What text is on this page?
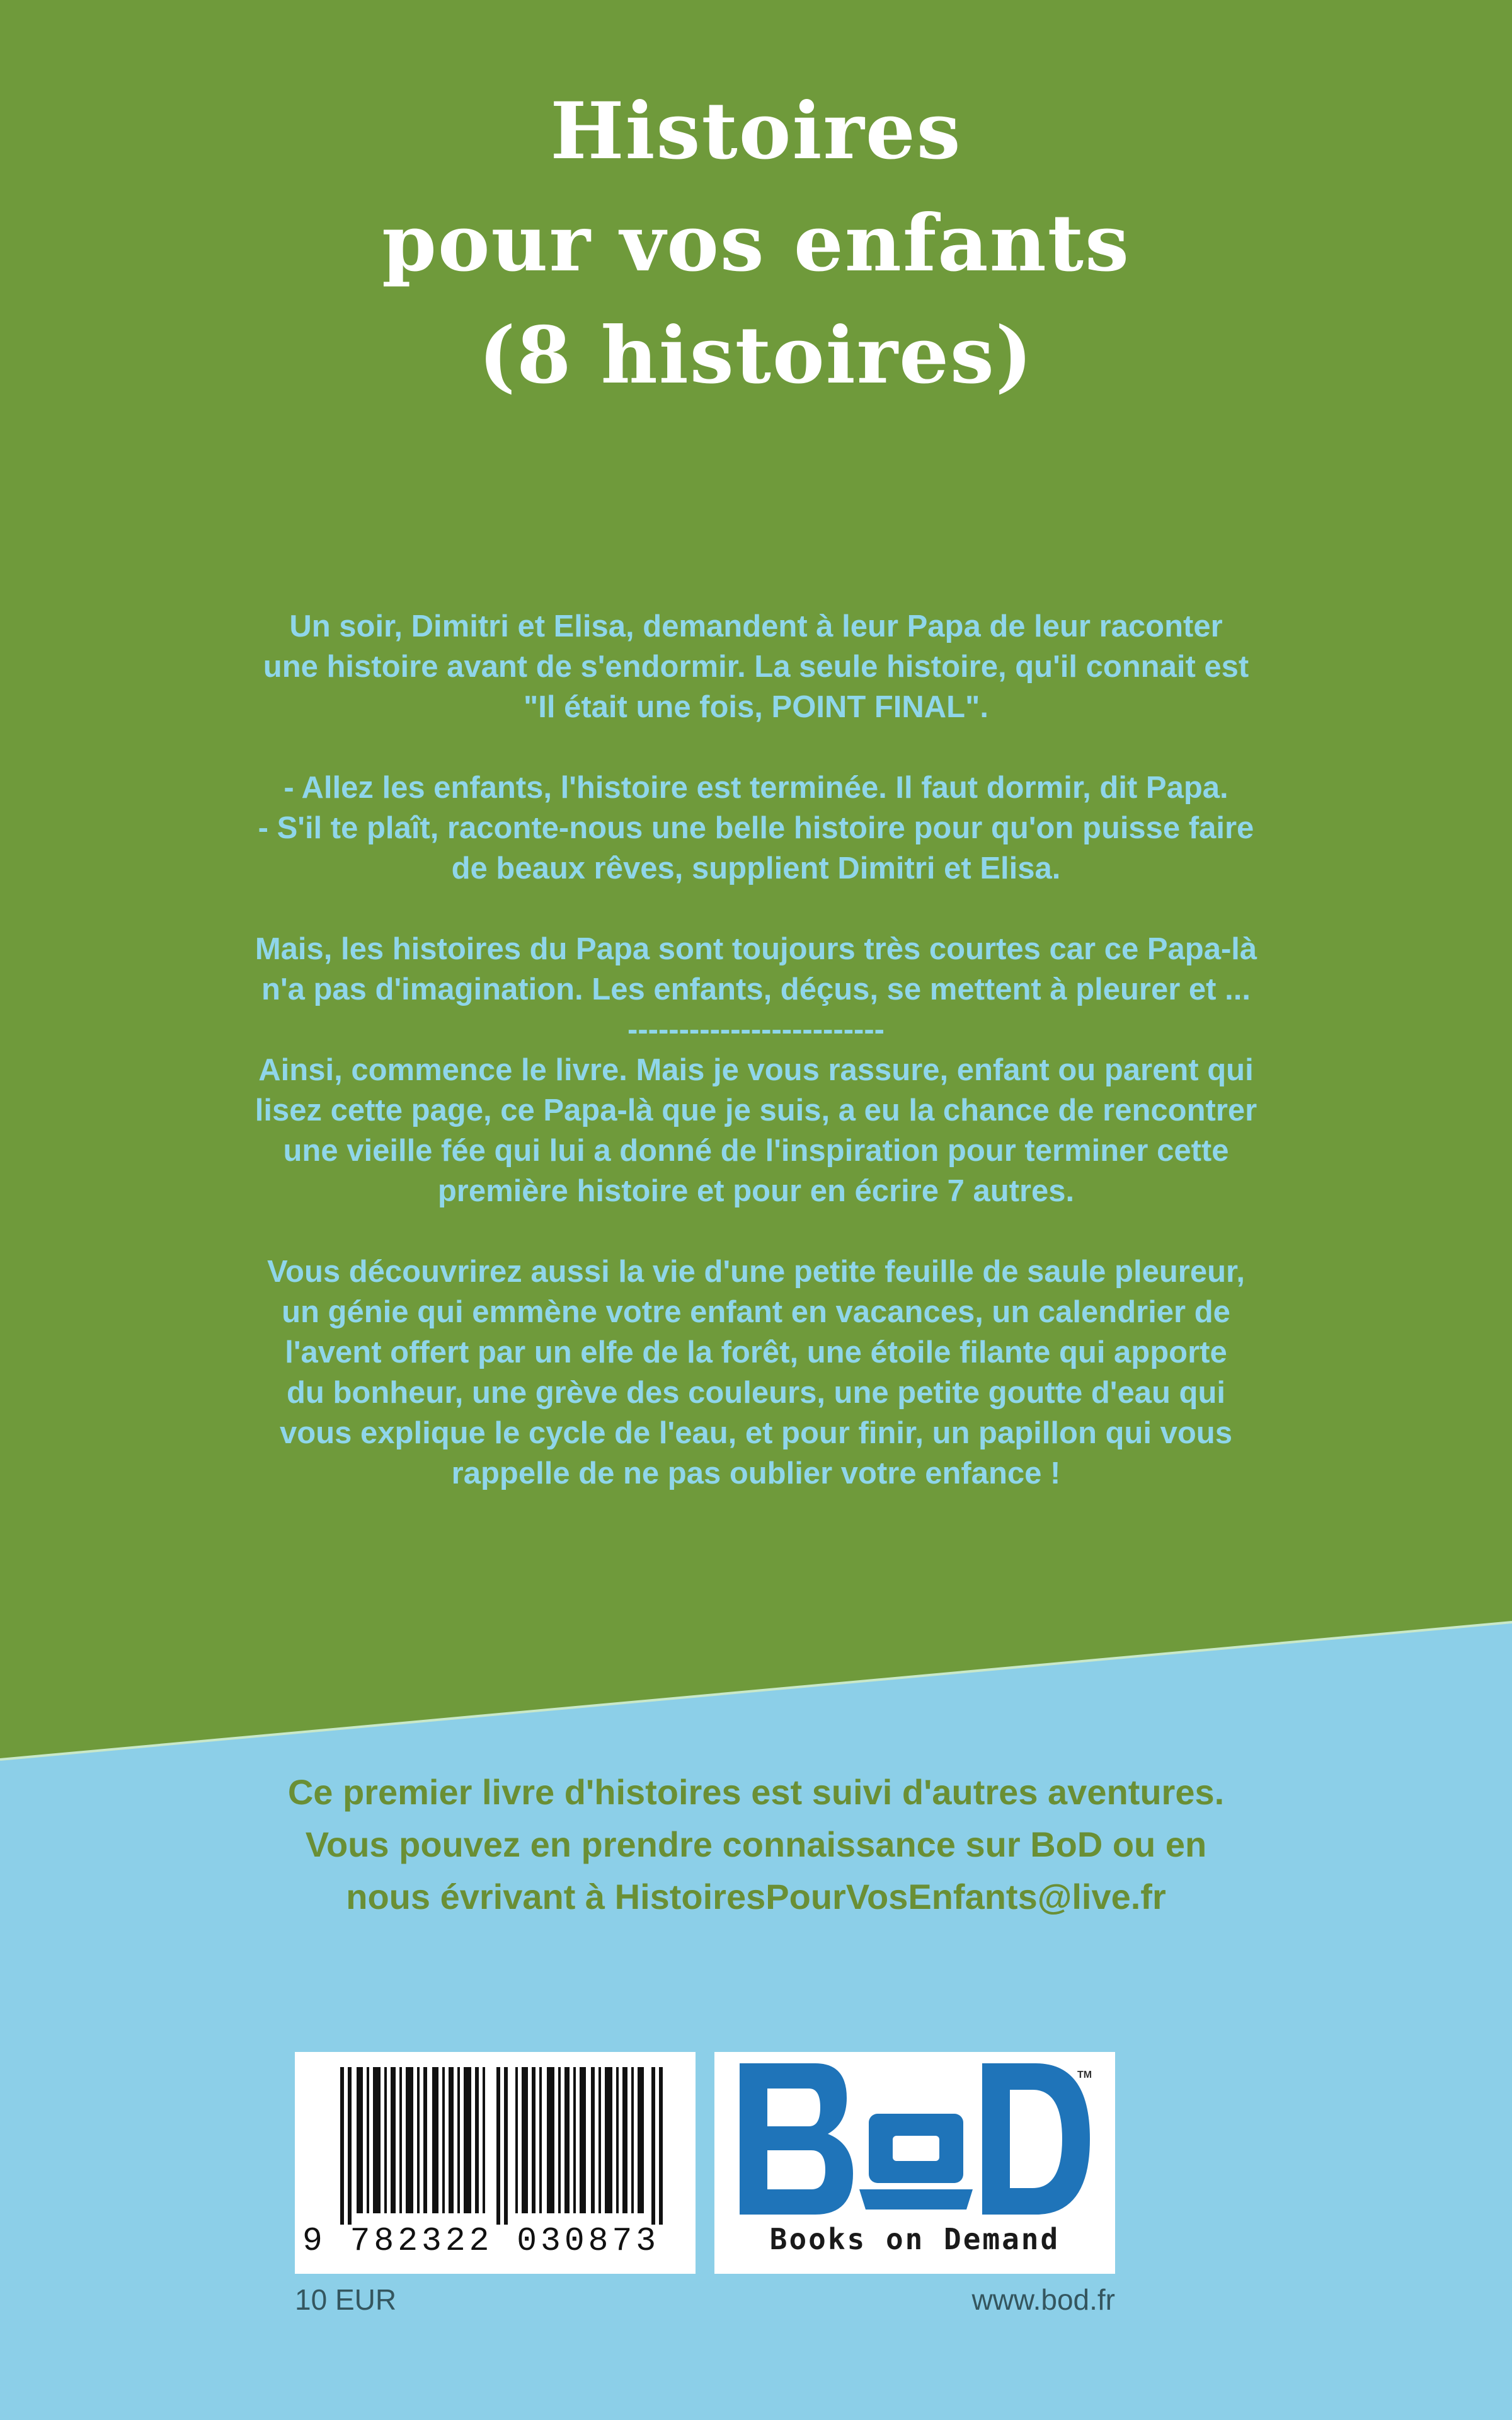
Histoires
pour vos enfants
(8 histoires)

Un soir, Dimitri et Elisa, demandent à leur Papa de leur raconter
une histoire avant de s'endormir. La seule histoire, qu'il connait est
"Il était une fois, POINT FINAL".

- Allez les enfants, l'histoire est terminée. Il faut dormir, dit Papa.
- S'il te plaît, raconte-nous une belle histoire pour qu'on puisse faire
de beaux rêves, supplient Dimitri et Elisa.

Mais, les histoires du Papa sont toujours très courtes car ce Papa-là
n'a pas d'imagination. Les enfants, déçus, se mettent à pleurer et ...

-------------------------

Ainsi, commence le livre. Mais je vous rassure, enfant ou parent qui
lisez cette page, ce Papa-là que je suis, a eu la chance de rencontrer
une vieille fée qui lui a donné de l'inspiration pour terminer cette
première histoire et pour en écrire 7 autres.

Vous découvrirez aussi la vie d'une petite feuille de saule pleureur,
un génie qui emmène votre enfant en vacances, un calendrier de
l'avent offert par un elfe de la forêt, une étoile filante qui apporte
du bonheur, une grève des couleurs, une petite goutte d'eau qui
vous explique le cycle de l'eau, et pour finir, un papillon qui vous
rappelle de ne pas oublier votre enfance !

Ce premier livre d'histoires est suivi d'autres aventures.
Vous pouvez en prendre connaissance sur BoD ou en
nous évrivant à HistoiresPourVosEnfants@live.fr
9 782322 030873
10 EUR
TM
Books on Demand
www.bod.fr
